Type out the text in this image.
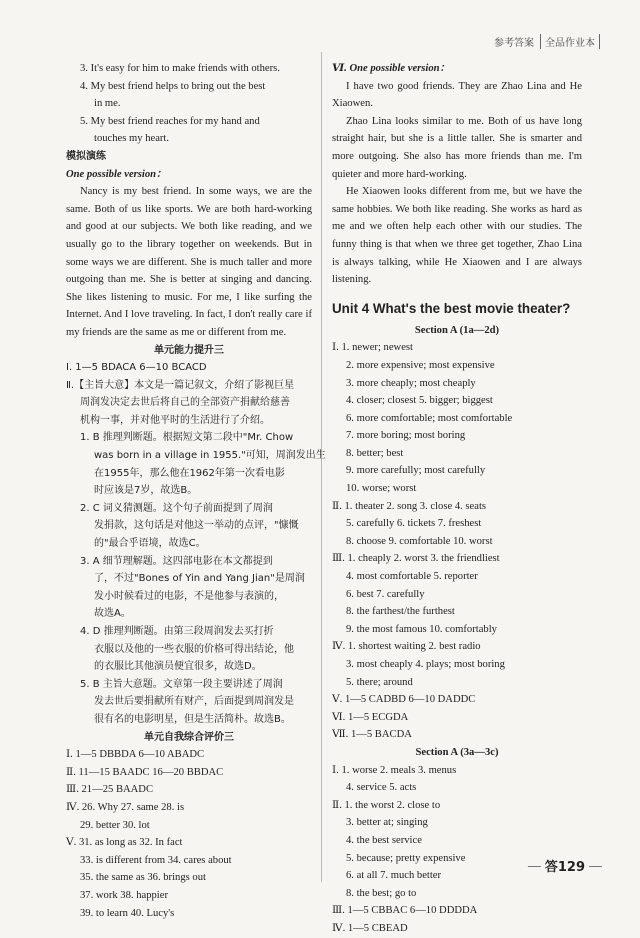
参考答案	全品作业本

3. It's easy for him to make friends with others.

4. My best friend helps to bring out the best

in me.

5. My best friend reaches for my hand and

touches my heart.

模拟演练

One possible version：

Nancy is my best friend. In some ways, we are the same. Both of us like sports. We are both hard-working and good at our subjects. We both like reading, and we usually go to the library together on weekends. But in some ways we are different. She is much taller and more outgoing than me. She is better at singing and dancing. She likes listening to music. For me, I like surfing the Internet. And I love traveling. In fact, I don't really care if my friends are the same as me or different from me.

单元能力提升三

Ⅰ. 1—5 BDACA 6—10 BCACD

Ⅱ.【主旨大意】本文是一篇记叙文，介绍了影视巨星

周润发决定去世后将自己的全部资产捐献给慈善

机构一事，并对他平时的生活进行了介绍。

1. B 推理判断题。根据短文第二段中"Mr. Chow

was born in a village in 1955."可知，周润发出生

在1955年，那么他在1962年第一次看电影

时应该是7岁，故选B。

2. C 词义猜测题。这个句子前面提到了周润

发捐款，这句话是对他这一举动的点评，"慷慨

的"最合乎语境，故选C。

3. A 细节理解题。这四部电影在本文都提到

了，不过"Bones of Yin and Yang Jian"是周润

发小时候看过的电影，不是他参与表演的，

故选A。

4. D 推理判断题。由第三段周润发去买打折

衣服以及他的一些衣服的价格可得出结论，他

的衣服比其他演员便宜很多，故选D。

5. B 主旨大意题。文章第一段主要讲述了周润

发去世后要捐献所有财产，后面提到周润发是

很有名的电影明星，但是生活简朴。故选B。

单元自我综合评价三

Ⅰ. 1—5 DBBDA 6—10 ABADC

Ⅱ. 11—15 BAADC 16—20 BBDAC

Ⅲ. 21—25 BAADC

Ⅳ. 26. Why 27. same 28. is

29. better 30. lot

Ⅴ. 31. as long as 32. In fact

33. is different from 34. cares about

35. the same as 36. brings out

37. work 38. happier

39. to learn 40. Lucy's

Ⅵ. One possible version：

I have two good friends. They are Zhao Lina and He Xiaowen.

Zhao Lina looks similar to me. Both of us have long straight hair, but she is a little taller. She is smarter and more outgoing. She also has more friends than me. I'm quieter and more hard-working.

He Xiaowen looks different from me, but we have the same hobbies. We both like reading. She works as hard as me and we often help each other with our studies. The funny thing is that when we three get together, Zhao Lina is always talking, while He Xiaowen and I are always listening.

Unit 4 What's the best movie theater?

Section A (1a—2d)

Ⅰ. 1. newer; newest

2. more expensive; most expensive

3. more cheaply; most cheaply

4. closer; closest 5. bigger; biggest

6. more comfortable; most comfortable

7. more boring; most boring

8. better; best

9. more carefully; most carefully

10. worse; worst

Ⅱ. 1. theater 2. song 3. close 4. seats

5. carefully 6. tickets 7. freshest

8. choose 9. comfortable 10. worst

Ⅲ. 1. cheaply 2. worst 3. the friendliest

4. most comfortable 5. reporter

6. best 7. carefully

8. the farthest/the furthest

9. the most famous 10. comfortably

Ⅳ. 1. shortest waiting 2. best radio

3. most cheaply 4. plays; most boring

5. there; around

Ⅴ. 1—5 CADBD 6—10 DADDC

Ⅵ. 1—5 ECGDA

Ⅶ. 1—5 BACDA

Section A (3a—3c)

Ⅰ. 1. worse 2. meals 3. menus

4. service 5. acts

Ⅱ. 1. the worst 2. close to

3. better at; singing

4. the best service

5. because; pretty expensive

6. at all 7. much better

8. the best; go to

Ⅲ. 1—5 CBBAC 6—10 DDDDA

Ⅳ. 1—5 CBEAD

— 答129 —
